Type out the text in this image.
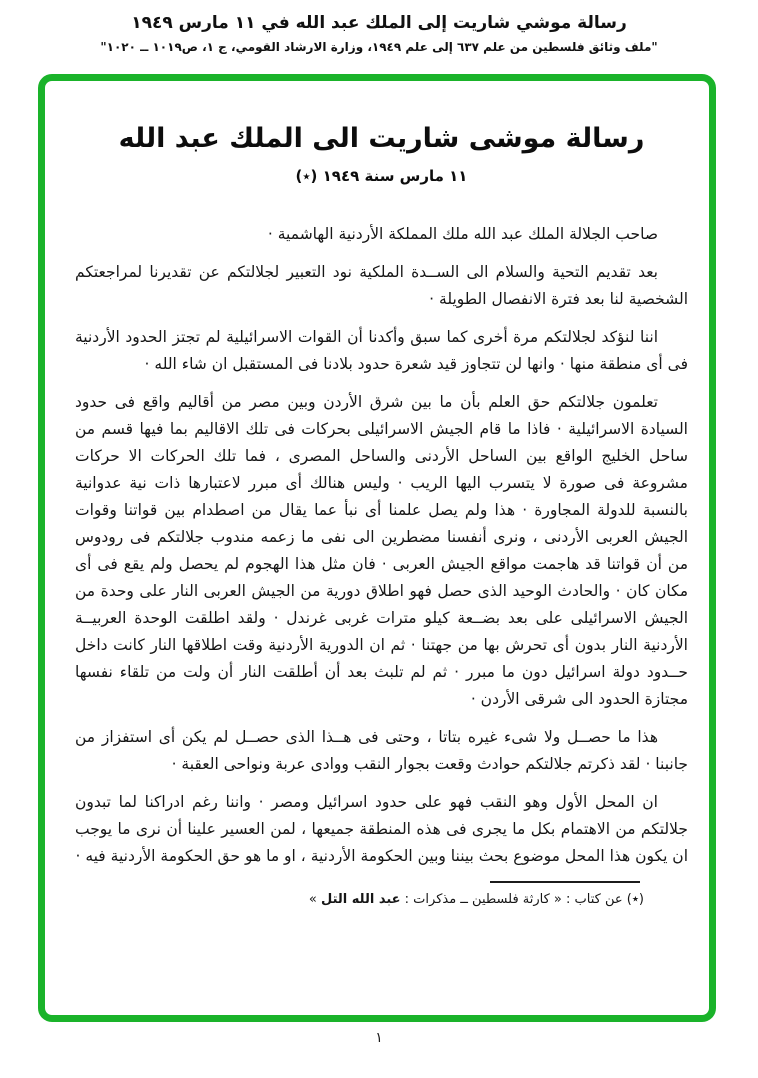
رسالة موشي شاريت إلى الملك عبد الله في ١١ مارس ١٩٤٩
"ملف وثائق فلسطين من علم ٦٣٧ إلى علم ١٩٤٩، وزارة الارشاد القومي، ج ١، ص١٠١٩ ــ ١٠٢٠"
رسالة موشى شاريت الى الملك عبد الله
١١ مارس سنة ١٩٤٩ (٭)

صاحب الجلالة الملك عبد الله ملك المملكة الأردنية الهاشمية ·

بعد تقديم التحية والسلام الى الســدة الملكية نود التعبير لجلالتكم عن تقديرنا لمراجعتكم الشخصية لنا بعد فترة الانفصال الطويلة ·

اننا لنؤكد لجلالتكم مرة أخرى كما سبق وأكدنا أن القوات الاسرائيلية لم تجتز الحدود الأردنية فى أى منطقة منها · وانها لن تتجاوز قيد شعرة حدود بلادنا فى المستقبل ان شاء الله ·

تعلمون جلالتكم حق العلم بأن ما بين شرق الأردن وبين مصر من أقاليم واقع فى حدود السيادة الاسرائيلية · فاذا ما قام الجيش الاسرائيلى بحركات فى تلك الاقاليم بما فيها قسم من ساحل الخليج الواقع بين الساحل الأردنى والساحل المصرى ، فما تلك الحركات الا حركات مشروعة فى صورة لا يتسرب اليها الريب · وليس هنالك أى مبرر لاعتبارها ذات نية عدوانية بالنسبة للدولة المجاورة · هذا ولم يصل علمنا أى نبأ عما يقال من اصطدام بين قواتنا وقوات الجيش العربى الأردنى ، ونرى أنفسنا مضطرين الى نفى ما زعمه مندوب جلالتكم فى رودوس من أن قواتنا قد هاجمت مواقع الجيش العربى · فان مثل هذا الهجوم لم يحصل ولم يقع فى أى مكان كان · والحادث الوحيد الذى حصل فهو اطلاق دورية من الجيش العربى النار على وحدة من الجيش الاسرائيلى على بعد بضــعة كيلو مترات غربى غرندل · ولقد اطلقت الوحدة العربيــة الأردنية النار بدون أى تحرش بها من جهتنا · ثم ان الدورية الأردنية وقت اطلاقها النار كانت داخل حــدود دولة اسرائيل دون ما مبرر · ثم لم تلبث بعد أن أطلقت النار أن ولت من تلقاء نفسها مجتازة الحدود الى شرقى الأردن ·

هذا ما حصــل ولا شىء غيره بتاتا ، وحتى فى هــذا الذى حصــل لم يكن أى استفزاز من جانبنا · لقد ذكرتم جلالتكم حوادث وقعت بجوار النقب ووادى عربة ونواحى العقبة ·

ان المحل الأول وهو النقب فهو على حدود اسرائيل ومصر · واننا رغم ادراكنا لما تبدون جلالتكم من الاهتمام بكل ما يجرى فى هذه المنطقة جميعها ، لمن العسير علينا أن نرى ما يوجب ان يكون هذا المحل موضوع بحث بيننا وبين الحكومة الأردنية ، او ما هو حق الحكومة الأردنية فيه ·

(٭) عن كتاب : « كارثة فلسطين ــ مذكرات : عبد الله التل »
١
